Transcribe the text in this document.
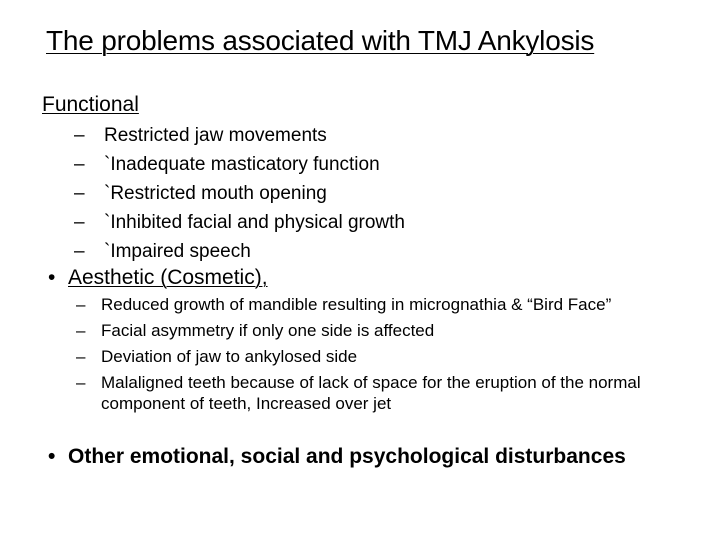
The problems associated with TMJ Ankylosis
Functional
– Restricted jaw movements
– `Inadequate masticatory function
– `Restricted mouth opening
– `Inhibited facial and physical growth
– `Impaired speech
• Aesthetic (Cosmetic),
– Reduced growth of mandible resulting in micrognathia & “Bird Face”
– Facial asymmetry if only one side is affected
– Deviation of jaw to ankylosed side
– Malaligned teeth because of lack of space for the eruption of the normal component of teeth, Increased over jet
• Other emotional, social and psychological disturbances
